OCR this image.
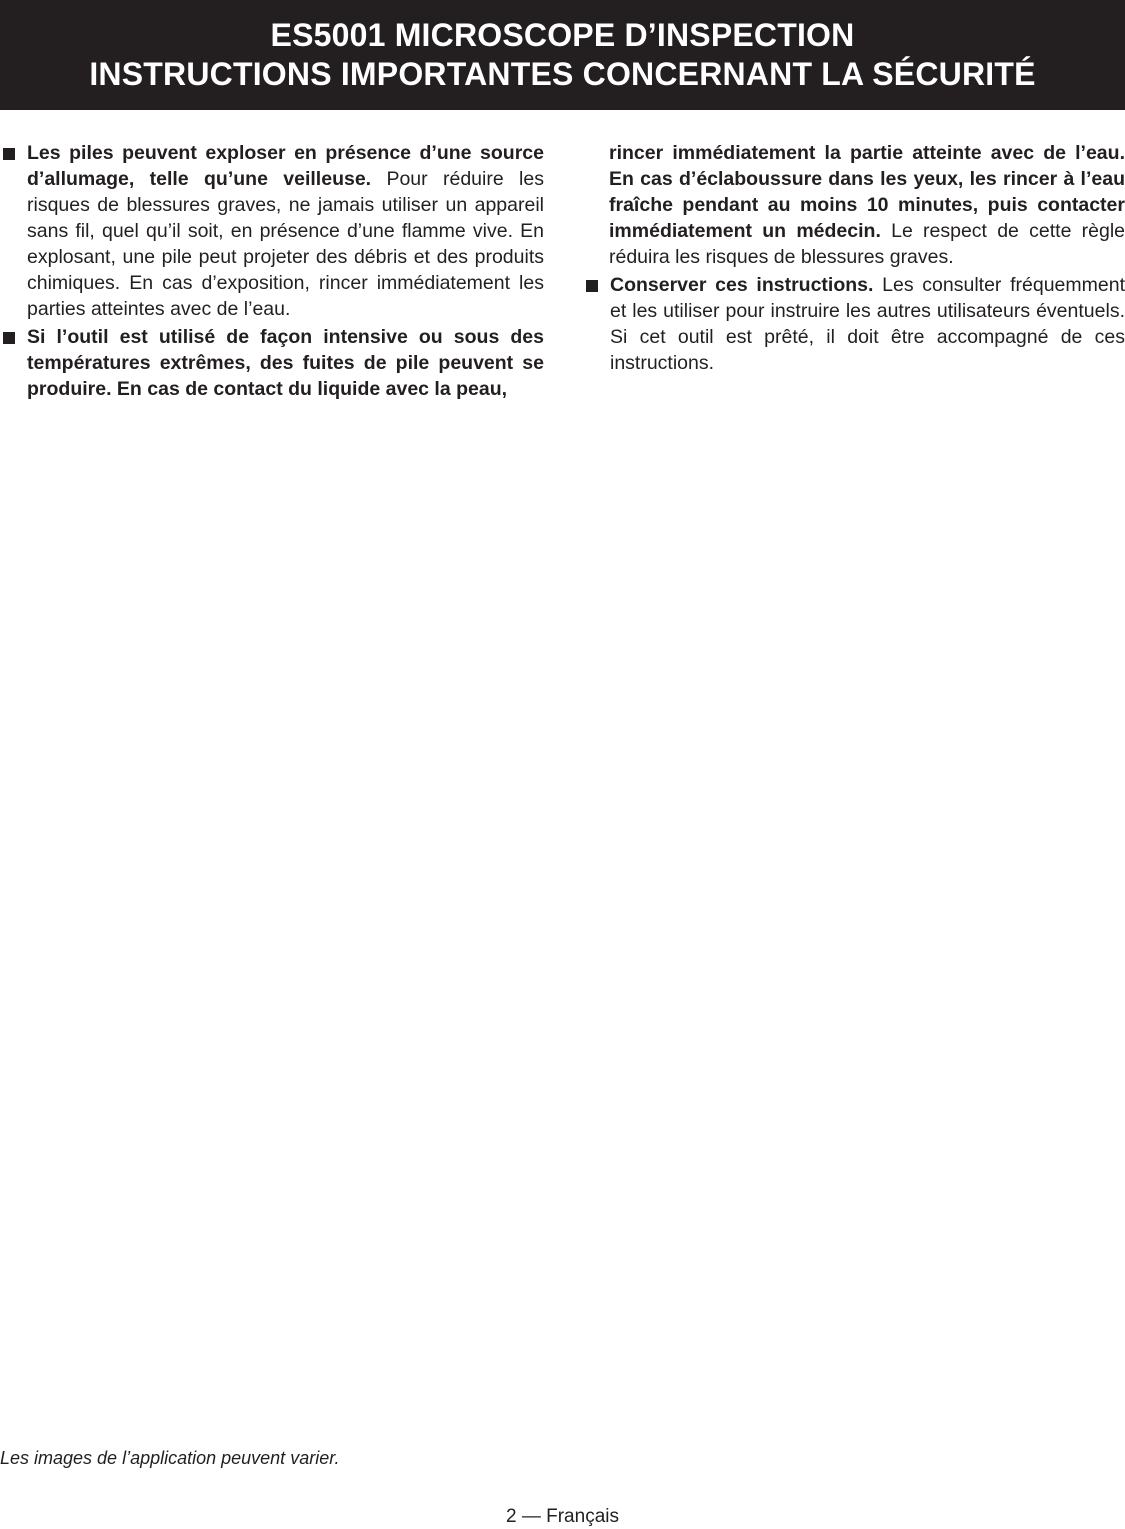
ES5001 MICROSCOPE D’INSPECTION
INSTRUCTIONS IMPORTANTES CONCERNANT LA SÉCURITÉ
Les piles peuvent exploser en présence d’une source d’allumage, telle qu’une veilleuse. Pour réduire les risques de blessures graves, ne jamais utiliser un appareil sans fil, quel qu’il soit, en présence d’une flamme vive. En explosant, une pile peut projeter des débris et des produits chimiques. En cas d’exposition, rincer immédiatement les parties atteintes avec de l’eau.
Si l’outil est utilisé de façon intensive ou sous des températures extrêmes, des fuites de pile peuvent se produire. En cas de contact du liquide avec la peau,
rincer immédiatement la partie atteinte avec de l’eau. En cas d’éclaboussure dans les yeux, les rincer à l’eau fraîche pendant au moins 10 minutes, puis contacter immédiatement un médecin. Le respect de cette règle réduira les risques de blessures graves.
Conserver ces instructions. Les consulter fréquemment et les utiliser pour instruire les autres utilisateurs éventuels. Si cet outil est prêté, il doit être accompagné de ces instructions.
Les images de l’application peuvent varier.
2 — Français
